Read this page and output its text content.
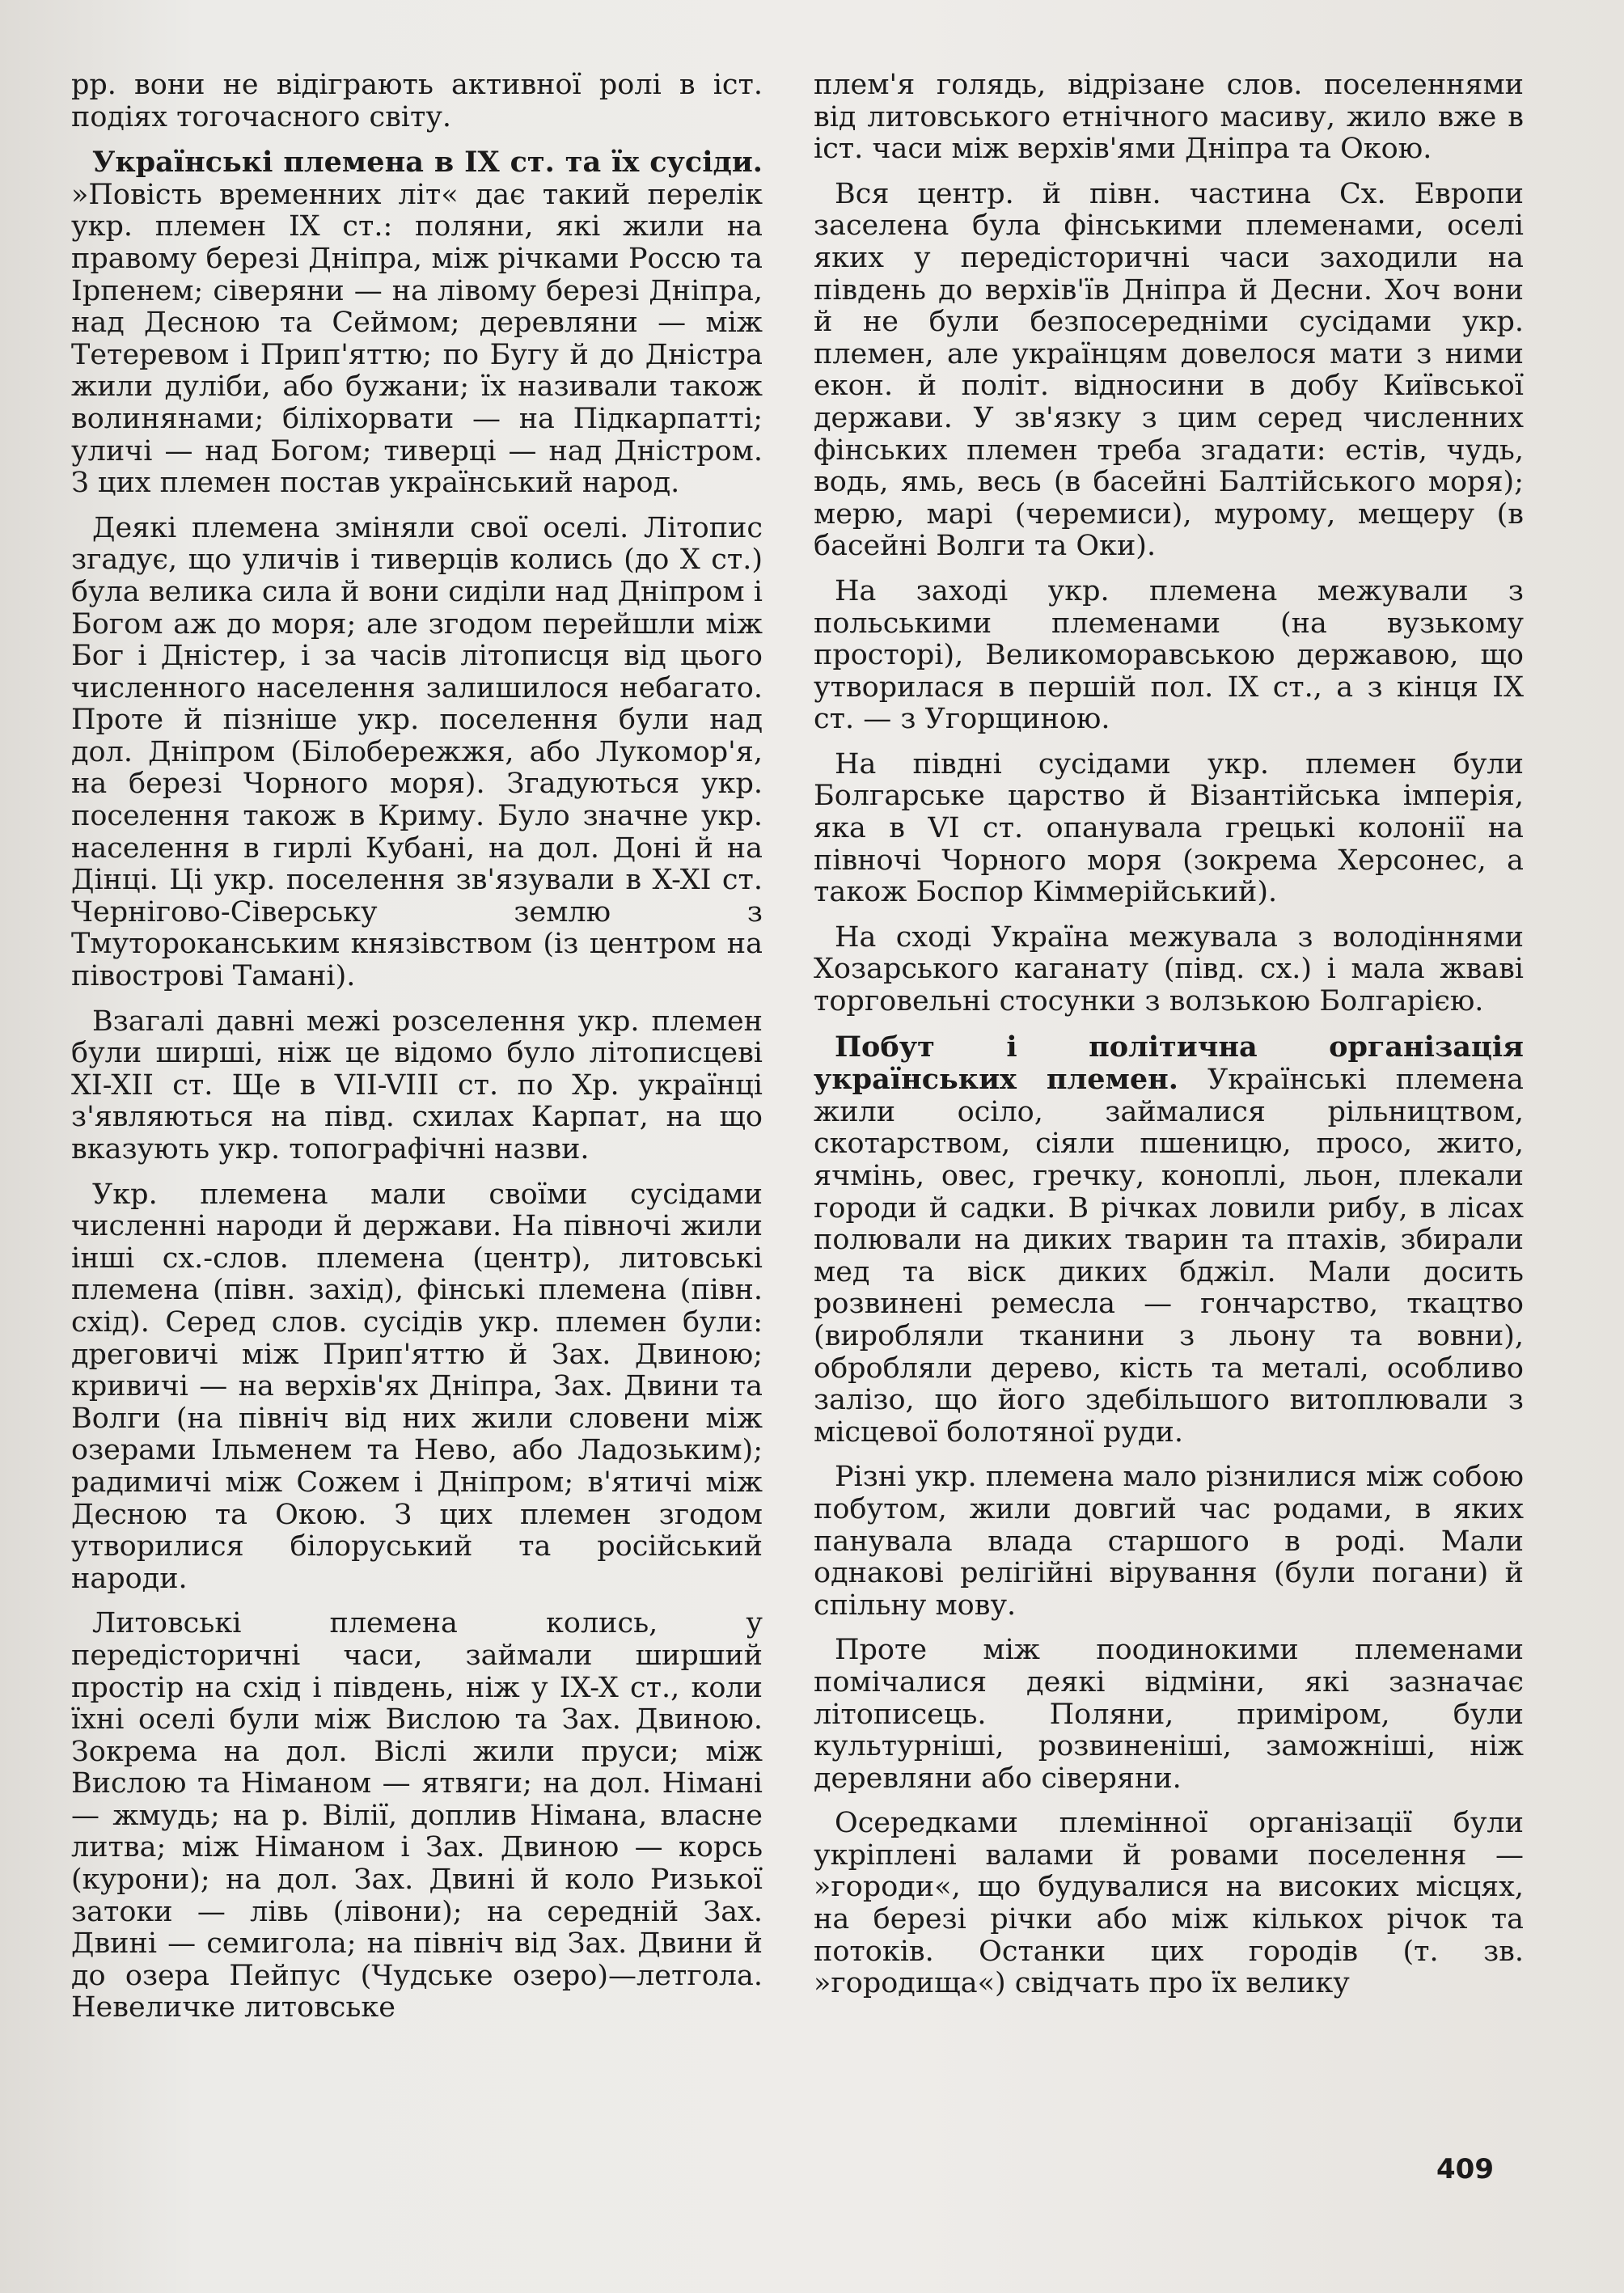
рр. вони не відіграють активної ролі в іст. подіях тогочасного світу.

Українські племена в IX ст. та їх сусіди. »Повість временних літ« дає такий перелік укр. племен IX ст.: поляни, які жили на правому березі Дніпра, між річками Россю та Ірпенем; сіверяни — на лівому березі Дніпра, над Десною та Сеймом; деревляни — між Тетеревом і Прип'яттю; по Бугу й до Дністра жили дуліби, або бужани; їх називали також волинянами; біліхорвати — на Підкарпатті; уличі — над Богом; тиверці — над Дністром. З цих племен постав український народ.

Деякі племена зміняли свої оселі. Літопис згадує, що уличів і тиверців колись (до X ст.) була велика сила й вони сиділи над Дніпром і Богом аж до моря; але згодом перейшли між Бог і Дністер, і за часів літописця від цього численного населення залишилося небагато. Проте й пізніше укр. поселення були над дол. Дніпром (Білобережжя, або Лукомор'я, на березі Чорного моря). Згадуються укр. поселення також в Криму. Було значне укр. населення в гирлі Кубані, на дол. Доні й на Дінці. Ці укр. поселення зв'язували в X-XI ст. Чернігово-Сіверську землю з Тмутороканським князівством (із центром на півострові Тамані).

Взагалі давні межі розселення укр. племен були ширші, ніж це відомо було літописцеві XI-XII ст. Ще в VII-VIII ст. по Хр. українці з'являються на півд. схилах Карпат, на що вказують укр. топографічні назви.

Укр. племена мали своїми сусідами численні народи й держави. На півночі жили інші сх.-слов. племена (центр), литовські племена (півн. захід), фінські племена (півн. схід). Серед слов. сусідів укр. племен були: дреговичі між Прип'яттю й Зах. Двиною; кривичі — на верхів'ях Дніпра, Зах. Двини та Волги (на північ від них жили словени між озерами Ільменем та Нево, або Ладозьким); радимичі між Сожем і Дніпром; в'ятичі між Десною та Окою. З цих племен згодом утворилися білоруський та російський народи.

Литовські племена колись, у передісторичні часи, займали ширший простір на схід і південь, ніж у IX-X ст., коли їхні оселі були між Вислою та Зах. Двиною. Зокрема на дол. Віслі жили пруси; між Вислою та Німаном — ятвяги; на дол. Німані — жмудь; на р. Вілії, доплив Німана, власне литва; між Німаном і Зах. Двиною — корсь (курони); на дол. Зах. Двині й коло Ризької затоки — лівь (лівони); на середній Зах. Двині — семигола; на північ від Зах. Двини й до озера Пейпус (Чудське озеро)—летгола. Невеличке литовське

плем'я голядь, відрізане слов. поселеннями від литовського етнічного масиву, жило вже в іст. часи між верхів'ями Дніпра та Окою.

Вся центр. й півн. частина Сх. Европи заселена була фінськими племенами, оселі яких у передісторичні часи заходили на південь до верхів'їв Дніпра й Десни. Хоч вони й не були безпосередніми сусідами укр. племен, але українцям довелося мати з ними екон. й політ. відносини в добу Київської держави. У зв'язку з цим серед численних фінських племен треба згадати: естів, чудь, водь, ямь, весь (в басейні Балтійського моря); мерю, марі (черемиси), мурому, мещеру (в басейні Волги та Оки).

На заході укр. племена межували з польськими племенами (на вузькому просторі), Великоморавською державою, що утворилася в першій пол. IX ст., а з кінця IX ст. — з Угорщиною.

На півдні сусідами укр. племен були Болгарське царство й Візантійська імперія, яка в VI ст. опанувала грецькі колонії на півночі Чорного моря (зокрема Херсонес, а також Боспор Кіммерійський).

На сході Україна межувала з володіннями Хозарського каганату (півд. сх.) і мала жваві торговельні стосунки з волзькою Болгарією.

Побут і політична організація українських племен. Українські племена жили осіло, займалися рільництвом, скотарством, сіяли пшеницю, просо, жито, ячмінь, овес, гречку, коноплі, льон, плекали городи й садки. В річках ловили рибу, в лісах полювали на диких тварин та птахів, збирали мед та віск диких бджіл. Мали досить розвинені ремесла — гончарство, ткацтво (виробляли тканини з льону та вовни), обробляли дерево, кість та металі, особливо залізо, що його здебільшого витоплювали з місцевої болотяної руди.

Різні укр. племена мало різнилися між собою побутом, жили довгий час родами, в яких панувала влада старшого в роді. Мали однакові релігійні вірування (були погани) й спільну мову.

Проте між поодинокими племенами помічалися деякі відміни, які зазначає літописець. Поляни, приміром, були культурніші, розвиненіші, заможніші, ніж деревляни або сіверяни.

Осередками племінної організації були укріплені валами й ровами поселення — »городи«, що будувалися на високих місцях, на березі річки або між кількох річок та потоків. Останки цих городів (т. зв. »городища«) свідчать про їх велику

409
